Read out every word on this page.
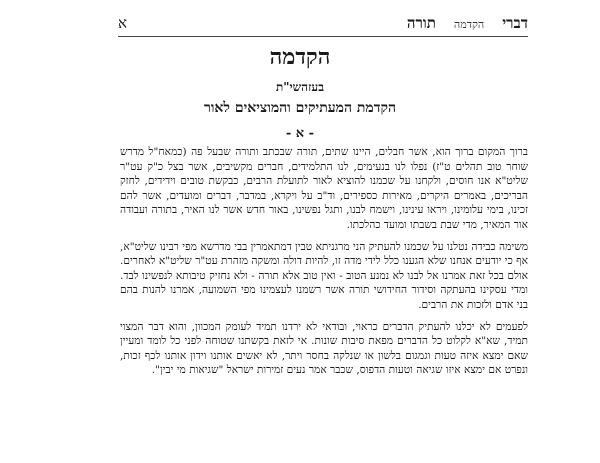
דברי
הקדמה
תורה
א
הקדמה
בעזהשי"ת
הקדמת המעתיקים והמוציאים לאור
- א -

ברוך המקום ברוך הוא, אשר חבלים, היינו שתים, תורה שבכתב ותורה שבעל פה (כמאח"ל מדרש שוחר טוב תהלים ט"ז) נפלו לנו בנעימים, לנו התלמידים, חברים מקשיבים, אשר בצל כ"ק עט"ר שליט"א אנו חוסים, ולקחנו על שכמנו להוציא לאור לתועלת הרבים, כבקשת טובים וידידים, לחזק הבריכים, באמרים היקרים, מאירות כספירים, וד"ב על ויקרא, במדבר, דברים ומועדים, אשר להם זכינו, בימי עלומינו, ויראו עינינו, וישמח לבנו, ותגל נפשינו, באור חדש אשר לנו האיר, בתורה ועבודה אור המאיר, מדי שבת בשבתו ומועד כהלכתו.

משימה כבידה נטלנו על שכמנו להעתיק הני מרגניתא טבין דמתאמרין בבי מדרשא מפי רבינו שליט"א, אף כי יודעים אנחנו שלא הגענו כלל לידי מדה זו, להיות דולה ומשקה מזהרת עט"ר שליט"א לאחרים. אולם בכל זאת אמרנו אל לבנו לא נמנע הטוב - ואין טוב אלא תורה - ולא נחזיק טיבותא לנפשינו לבד. ומדי עסקינו בהעתקה וסידור החידושי תורה אשר רשמנו לעצמינו מפי השמועה, אמרנו להנות בהם בני אדם ולזכות את הרבים.

לפעמים לא יכלנו להעתיק הדברים כראוי, ובודאי לא ירדנו תמיד לעומק המכוון, והוא דבר המצוי תמיד, שא"א לקלוט כל הדברים מפאת סיבות שונות. אי לזאת בקשתנו שטוחה לפני כל לומד ומעיין שאם ימצא איזה טעות וגמגום בלשון או שנלקה בחסר ויתר, לא יאשים אותנו וידון אותנו לכף זכות, ונפרט אם ימצא איזו שגיאה וטעות הדפוס, שכבר אמר נעים זמירות ישראל "שגיאות מי יבין".
